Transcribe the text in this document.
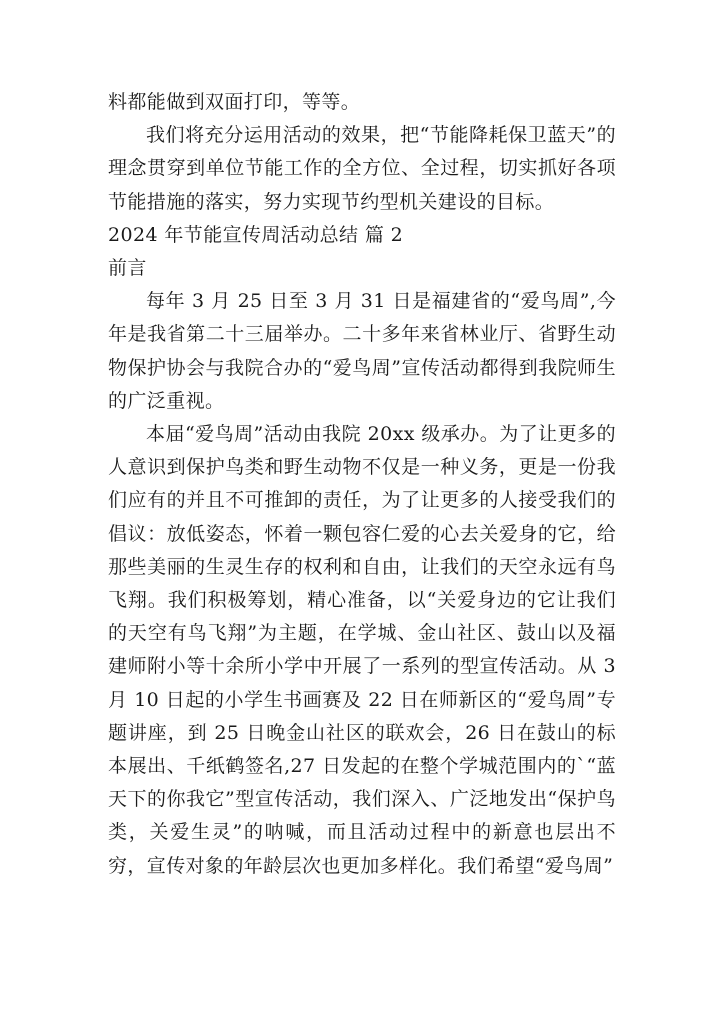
料都能做到双面打印，等等。

我们将充分运用活动的效果，把“节能降耗保卫蓝天”的理念贯穿到单位节能工作的全方位、全过程，切实抓好各项节能措施的落实，努力实现节约型机关建设的目标。

2024 年节能宣传周活动总结 篇 2

前言

每年 3 月 25 日至 3 月 31 日是福建省的“爱鸟周”,今年是我省第二十三届举办。二十多年来省林业厅、省野生动物保护协会与我院合办的“爱鸟周”宣传活动都得到我院师生的广泛重视。

本届“爱鸟周”活动由我院 20xx 级承办。为了让更多的人意识到保护鸟类和野生动物不仅是一种义务，更是一份我们应有的并且不可推卸的责任，为了让更多的人接受我们的倡议：放低姿态，怀着一颗包容仁爱的心去关爱身的它，给那些美丽的生灵生存的权利和自由，让我们的天空永远有鸟飞翔。我们积极筹划，精心准备，以“关爱身边的它让我们的天空有鸟飞翔”为主题，在学城、金山社区、鼓山以及福建师附小等十余所小学中开展了一系列的型宣传活动。从 3 月 10 日起的小学生书画赛及 22 日在师新区的“爱鸟周”专题讲座，到 25 日晚金山社区的联欢会，26 日在鼓山的标本展出、千纸鹤签名,27 日发起的在整个学城范围内的`“蓝天下的你我它”型宣传活动，我们深入、广泛地发出“保护鸟类，关爱生灵”的呐喊，而且活动过程中的新意也层出不穷，宣传对象的年龄层次也更加多样化。我们希望“爱鸟周”
